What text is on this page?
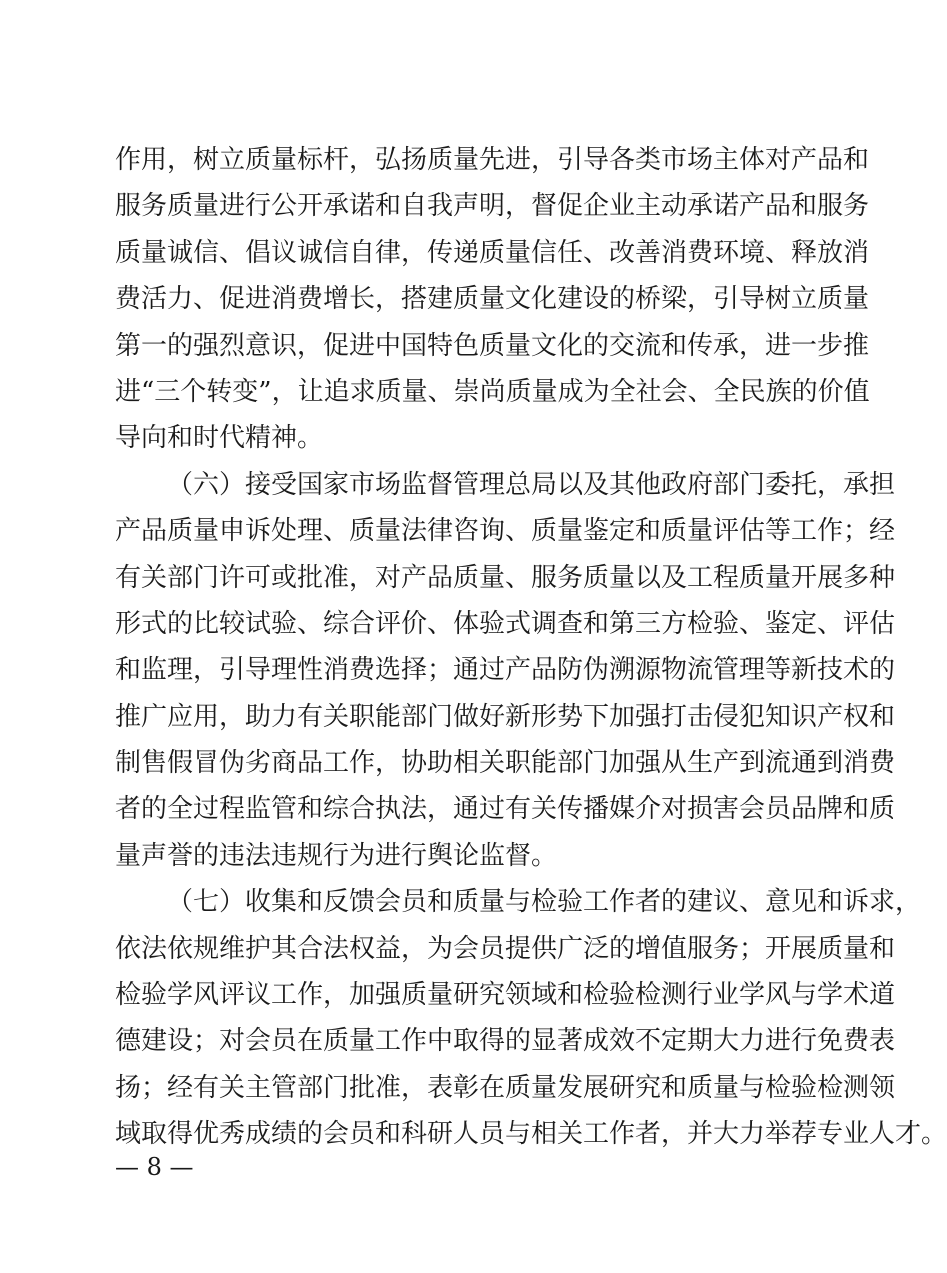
作用，树立质量标杆，弘扬质量先进，引导各类市场主体对产品和
服务质量进行公开承诺和自我声明，督促企业主动承诺产品和服务
质量诚信、倡议诚信自律，传递质量信任、改善消费环境、释放消
费活力、促进消费增长，搭建质量文化建设的桥梁，引导树立质量
第一的强烈意识，促进中国特色质量文化的交流和传承，进一步推
进“三个转变”，让追求质量、崇尚质量成为全社会、全民族的价值
导向和时代精神。
（六）接受国家市场监督管理总局以及其他政府部门委托，承担
产品质量申诉处理、质量法律咨询、质量鉴定和质量评估等工作；经
有关部门许可或批准，对产品质量、服务质量以及工程质量开展多种
形式的比较试验、综合评价、体验式调查和第三方检验、鉴定、评估
和监理，引导理性消费选择；通过产品防伪溯源物流管理等新技术的
推广应用，助力有关职能部门做好新形势下加强打击侵犯知识产权和
制售假冒伪劣商品工作，协助相关职能部门加强从生产到流通到消费
者的全过程监管和综合执法，通过有关传播媒介对损害会员品牌和质
量声誉的违法违规行为进行舆论监督。
（七）收集和反馈会员和质量与检验工作者的建议、意见和诉求，
依法依规维护其合法权益，为会员提供广泛的增值服务；开展质量和
检验学风评议工作，加强质量研究领域和检验检测行业学风与学术道
德建设；对会员在质量工作中取得的显著成效不定期大力进行免费表
扬；经有关主管部门批准，表彰在质量发展研究和质量与检验检测领
域取得优秀成绩的会员和科研人员与相关工作者，并大力举荐专业人才。
— 8 —
